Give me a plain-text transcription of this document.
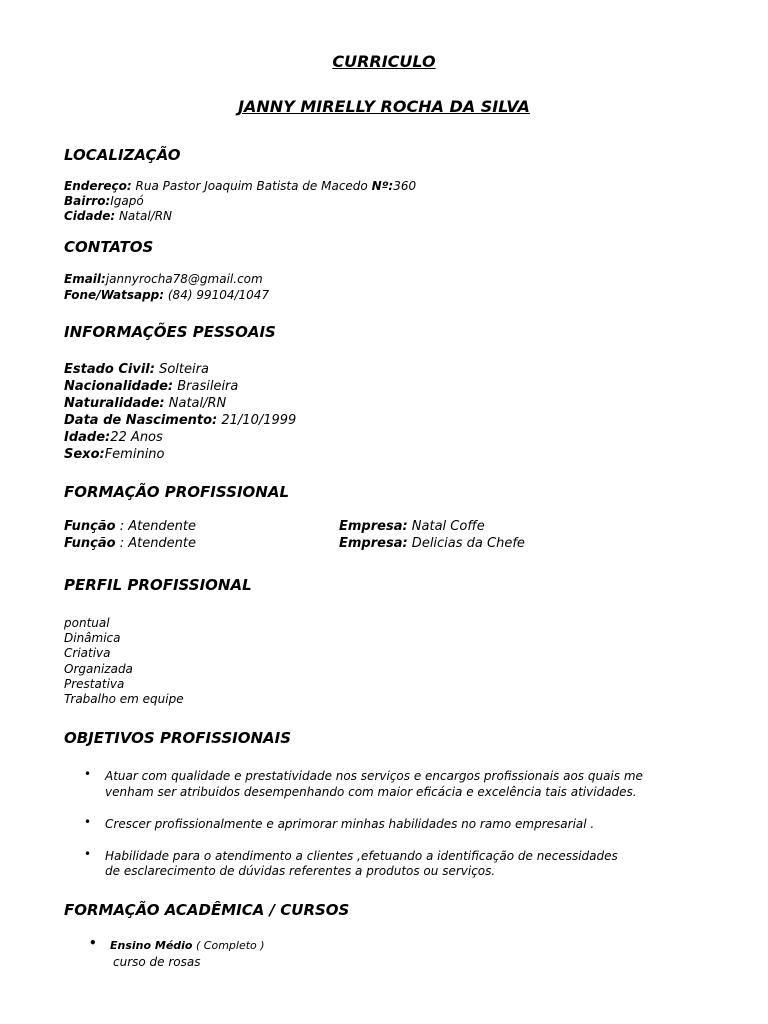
CURRICULO
JANNY MIRELLY ROCHA DA SILVA
LOCALIZAÇÃO
Endereço: Rua Pastor Joaquim Batista de Macedo Nº:360
Bairro:Igapó
Cidade: Natal/RN
CONTATOS
Email:jannyrocha78@gmail.com
Fone/Watsapp: (84) 99104/1047
INFORMAÇÕES PESSOAIS
Estado Civil: Solteira
Nacionalidade: Brasileira
Naturalidade: Natal/RN
Data de Nascimento: 21/10/1999
Idade:22 Anos
Sexo:Feminino
FORMAÇÃO PROFISSIONAL
Função : Atendente	Empresa: Natal Coffe
Função : Atendente	Empresa: Delicias da Chefe
PERFIL PROFISSIONAL
pontual
Dinâmica
Criativa
Organizada
Prestativa
Trabalho em equipe
OBJETIVOS PROFISSIONAIS
• Atuar com qualidade e prestatividade nos serviços e encargos profissionais aos quais me
venham ser atribuidos desempenhando com maior eficácia e excelência tais atividades.
• Crescer profissionalmente e aprimorar minhas habilidades no ramo empresarial .
• Habilidade para o atendimento a clientes ,efetuando a identificação de necessidades
de esclarecimento de dúvidas referentes a produtos ou serviços.
FORMAÇÃO ACADÊMICA / CURSOS
• Ensino Médio ( Completo )
curso de rosas
